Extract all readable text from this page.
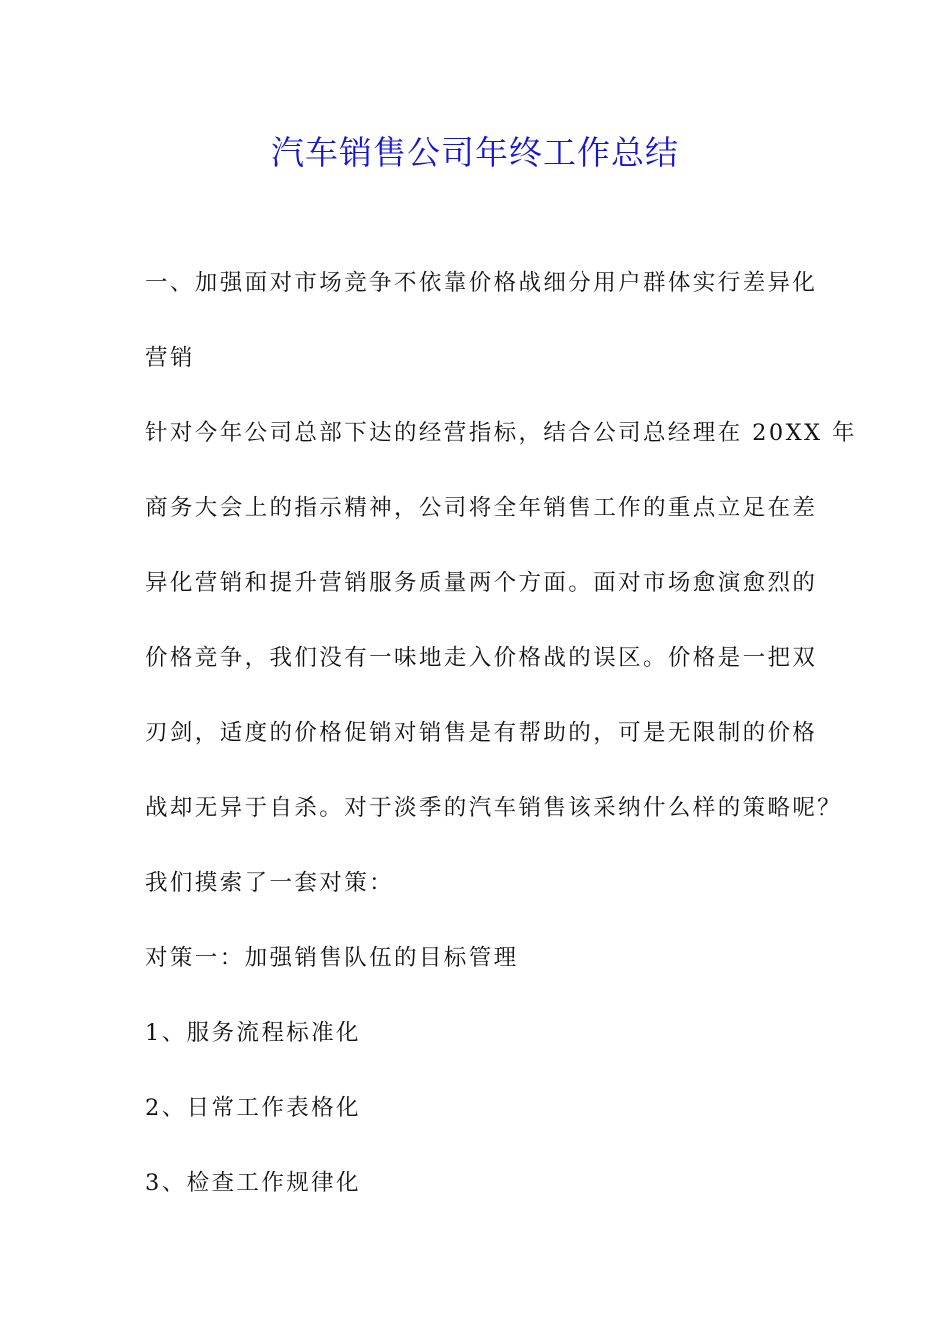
汽车销售公司年终工作总结
一、加强面对市场竞争不依靠价格战细分用户群体实行差异化
营销
针对今年公司总部下达的经营指标，结合公司总经理在 20XX 年
商务大会上的指示精神，公司将全年销售工作的重点立足在差
异化营销和提升营销服务质量两个方面。面对市场愈演愈烈的
价格竞争，我们没有一味地走入价格战的误区。价格是一把双
刃剑，适度的价格促销对销售是有帮助的，可是无限制的价格
战却无异于自杀。对于淡季的汽车销售该采纳什么样的策略呢？
我们摸索了一套对策：
对策一：加强销售队伍的目标管理
1、服务流程标准化
2、日常工作表格化
3、检查工作规律化
